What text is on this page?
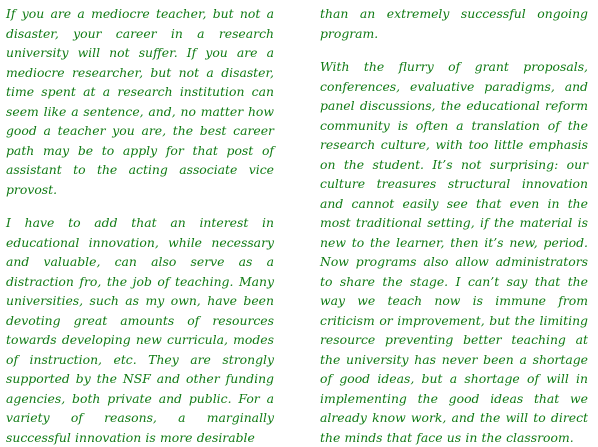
If you are a mediocre teacher, but not a disaster, your career in a research university will not suffer. If you are a mediocre researcher, but not a disaster, time spent at a research institution can seem like a sentence, and, no matter how good a teacher you are, the best career path may be to apply for that post of assistant to the acting associate vice provost.

I have to add that an interest in educational innovation, while necessary and valuable, can also serve as a distraction fro, the job of teaching. Many universities, such as my own, have been devoting great amounts of resources towards developing new curricula, modes of instruction, etc. They are strongly supported by the NSF and other funding agencies, both private and public. For a variety of reasons, a marginally successful innovation is more desirable

than an extremely successful ongoing program.

With the flurry of grant proposals, conferences, evaluative paradigms, and panel discussions, the educational reform community is often a translation of the research culture, with too little emphasis on the student. It’s not surprising: our culture treasures structural innovation and cannot easily see that even in the most traditional setting, if the material is new to the learner, then it’s new, period. Now programs also allow administrators to share the stage. I can’t say that the way we teach now is immune from criticism or improvement, but the limiting resource preventing better teaching at the university has never been a shortage of good ideas, but a shortage of will in implementing the good ideas that we already know work, and the will to direct the minds that face us in the classroom.
